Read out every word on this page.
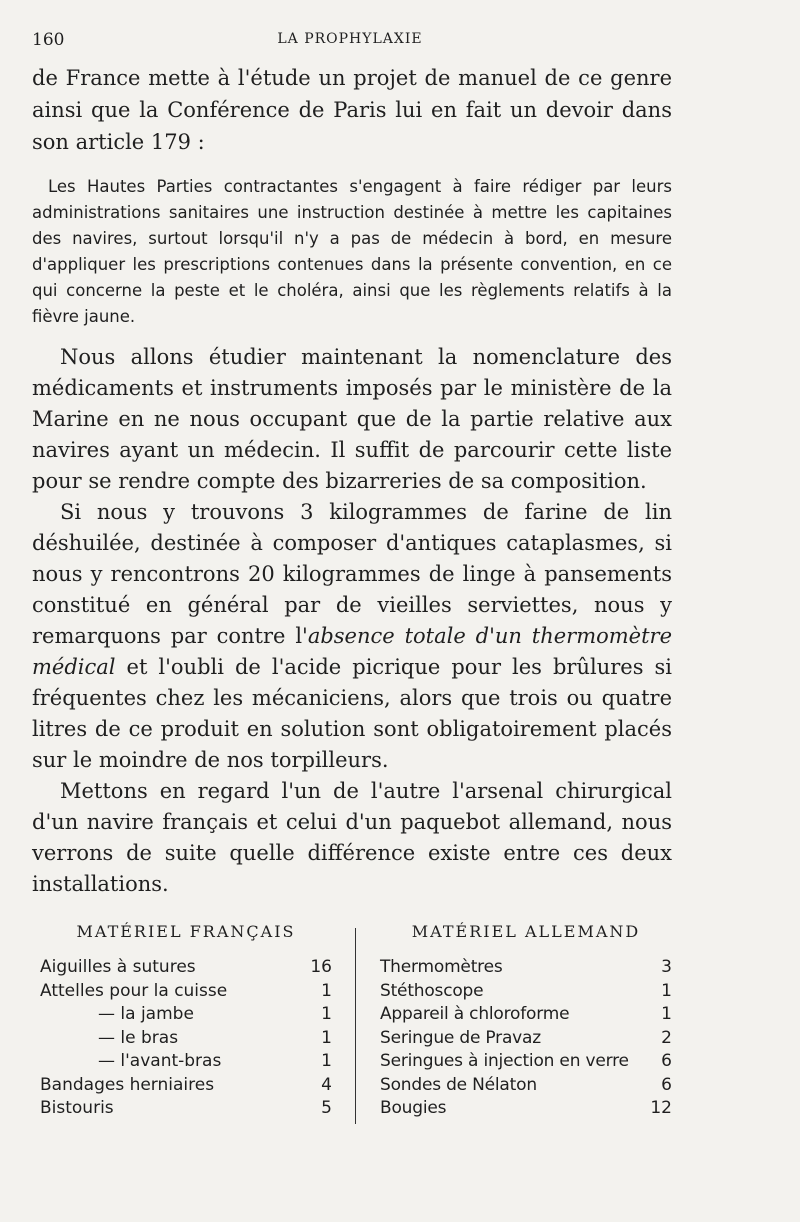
160	LA PROPHYLAXIE
de France mette à l'étude un projet de manuel de ce genre ainsi que la Conférence de Paris lui en fait un devoir dans son article 179 :

Les Hautes Parties contractantes s'engagent à faire rédiger par leurs administrations sanitaires une instruction destinée à mettre les capitaines des navires, surtout lorsqu'il n'y a pas de médecin à bord, en mesure d'appliquer les prescriptions contenues dans la présente convention, en ce qui concerne la peste et le choléra, ainsi que les règlements relatifs à la fièvre jaune.

Nous allons étudier maintenant la nomenclature des médicaments et instruments imposés par le ministère de la Marine en ne nous occupant que de la partie relative aux navires ayant un médecin. Il suffit de parcourir cette liste pour se rendre compte des bizarreries de sa composition.

Si nous y trouvons 3 kilogrammes de farine de lin déshuilée, destinée à composer d'antiques cataplasmes, si nous y rencontrons 20 kilogrammes de linge à pansements constitué en général par de vieilles serviettes, nous y remarquons par contre l'absence totale d'un thermomètre médical et l'oubli de l'acide picrique pour les brûlures si fréquentes chez les mécaniciens, alors que trois ou quatre litres de ce produit en solution sont obligatoirement placés sur le moindre de nos torpilleurs.

Mettons en regard l'un de l'autre l'arsenal chirurgical d'un navire français et celui d'un paquebot allemand, nous verrons de suite quelle différence existe entre ces deux installations.

MATÉRIEL FRANÇAIS
Aiguilles à sutures	16
Attelles pour la cuisse	1
— la jambe	1
— le bras	1
— l'avant-bras	1
Bandages herniaires	4
Bistouris	5
MATÉRIEL ALLEMAND
Thermomètres	3
Stéthoscope	1
Appareil à chloroforme	1
Seringue de Pravaz	2
Seringues à injection en verre	6
Sondes de Nélaton	6
Bougies	12
